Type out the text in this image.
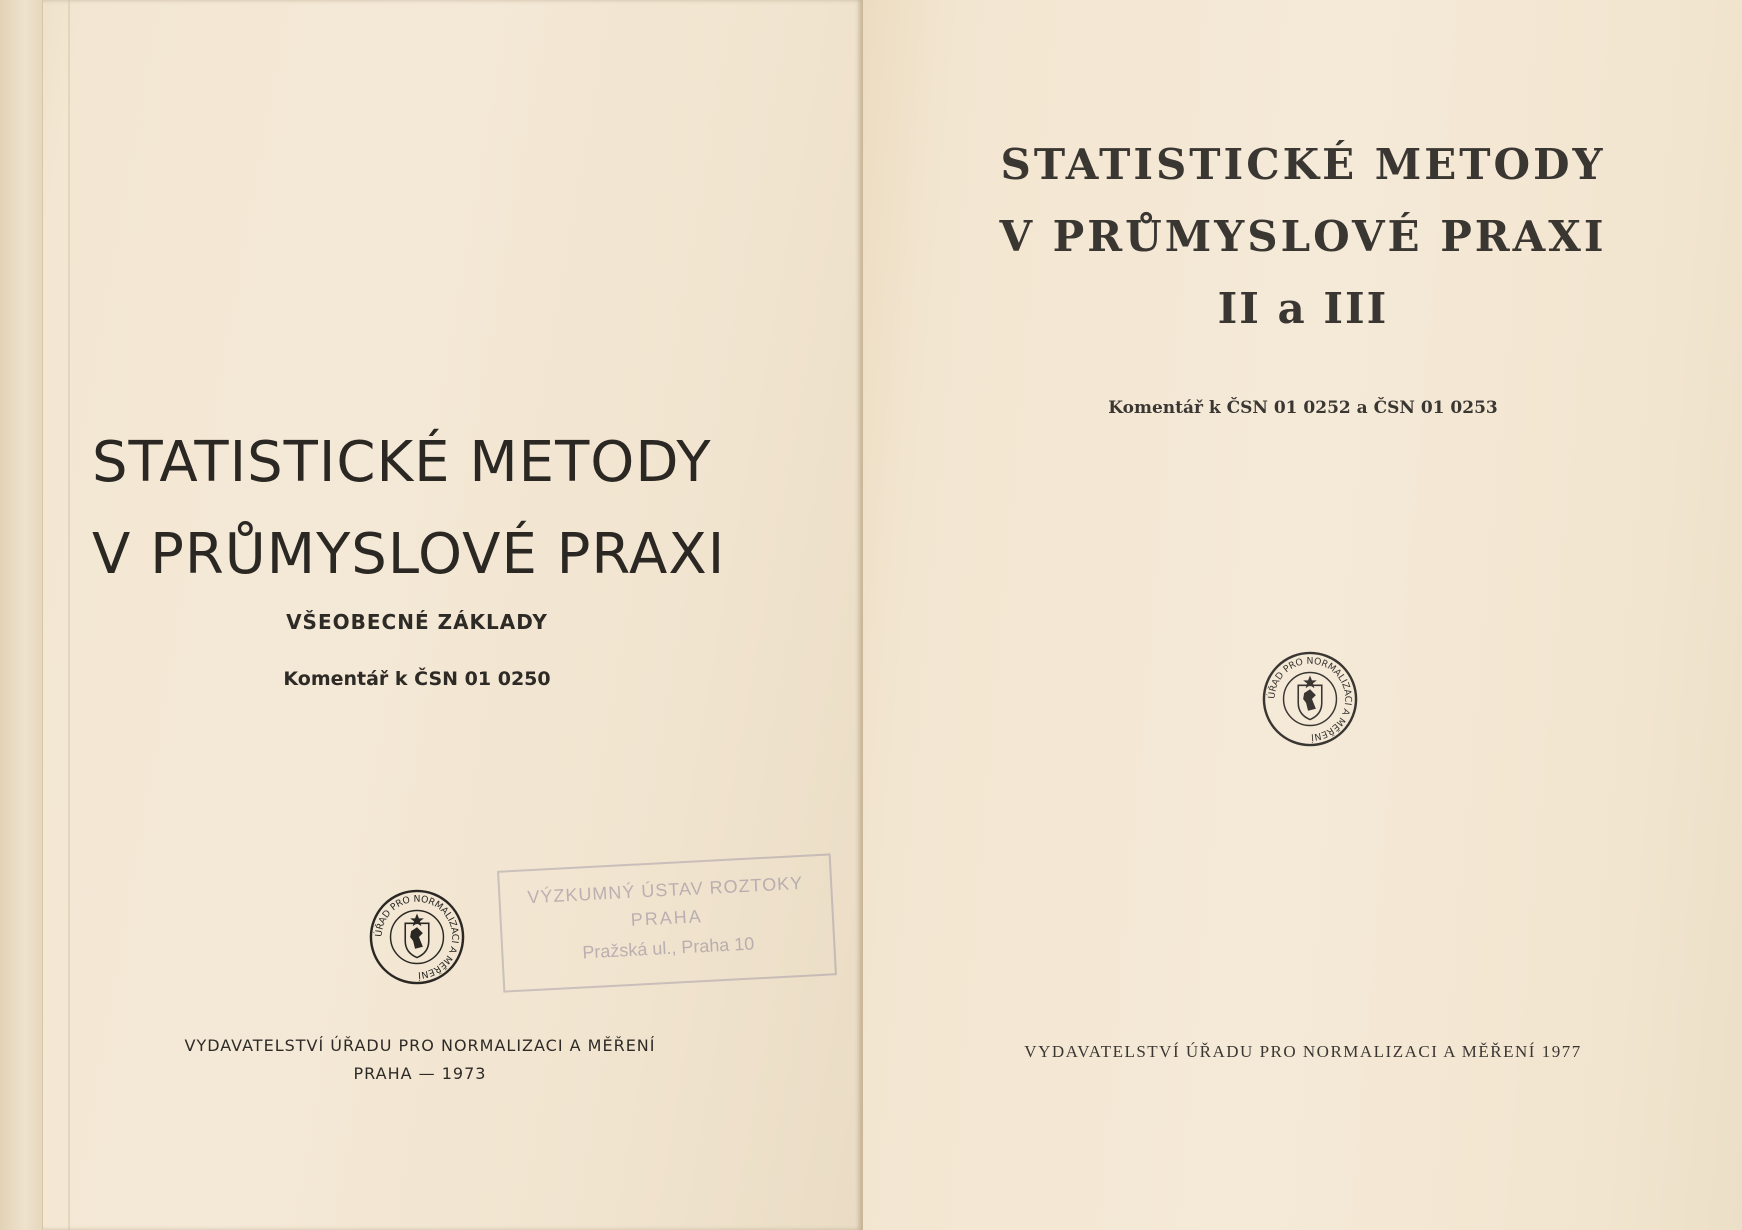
STATISTICKÉ METODY
V PRŮMYSLOVÉ PRAXI
VŠEOBECNÉ ZÁKLADY
Komentář k ČSN 01 0250
VÝZKUMNÝ ÚSTAV ROZTOKY
PRAHA
Pražská ul., Praha 10
ÚŘAD PRO NORMALIZACI A MĚŘENÍ
VYDAVATELSTVÍ ÚŘADU PRO NORMALIZACI A MĚŘENÍ
PRAHA — 1973
STATISTICKÉ METODY
V PRŮMYSLOVÉ PRAXI
II a III
Komentář k ČSN 01 0252 a ČSN 01 0253
ÚŘAD PRO NORMALIZACI A MĚŘENÍ
VYDAVATELSTVÍ ÚŘADU PRO NORMALIZACI A MĚŘENÍ 1977
